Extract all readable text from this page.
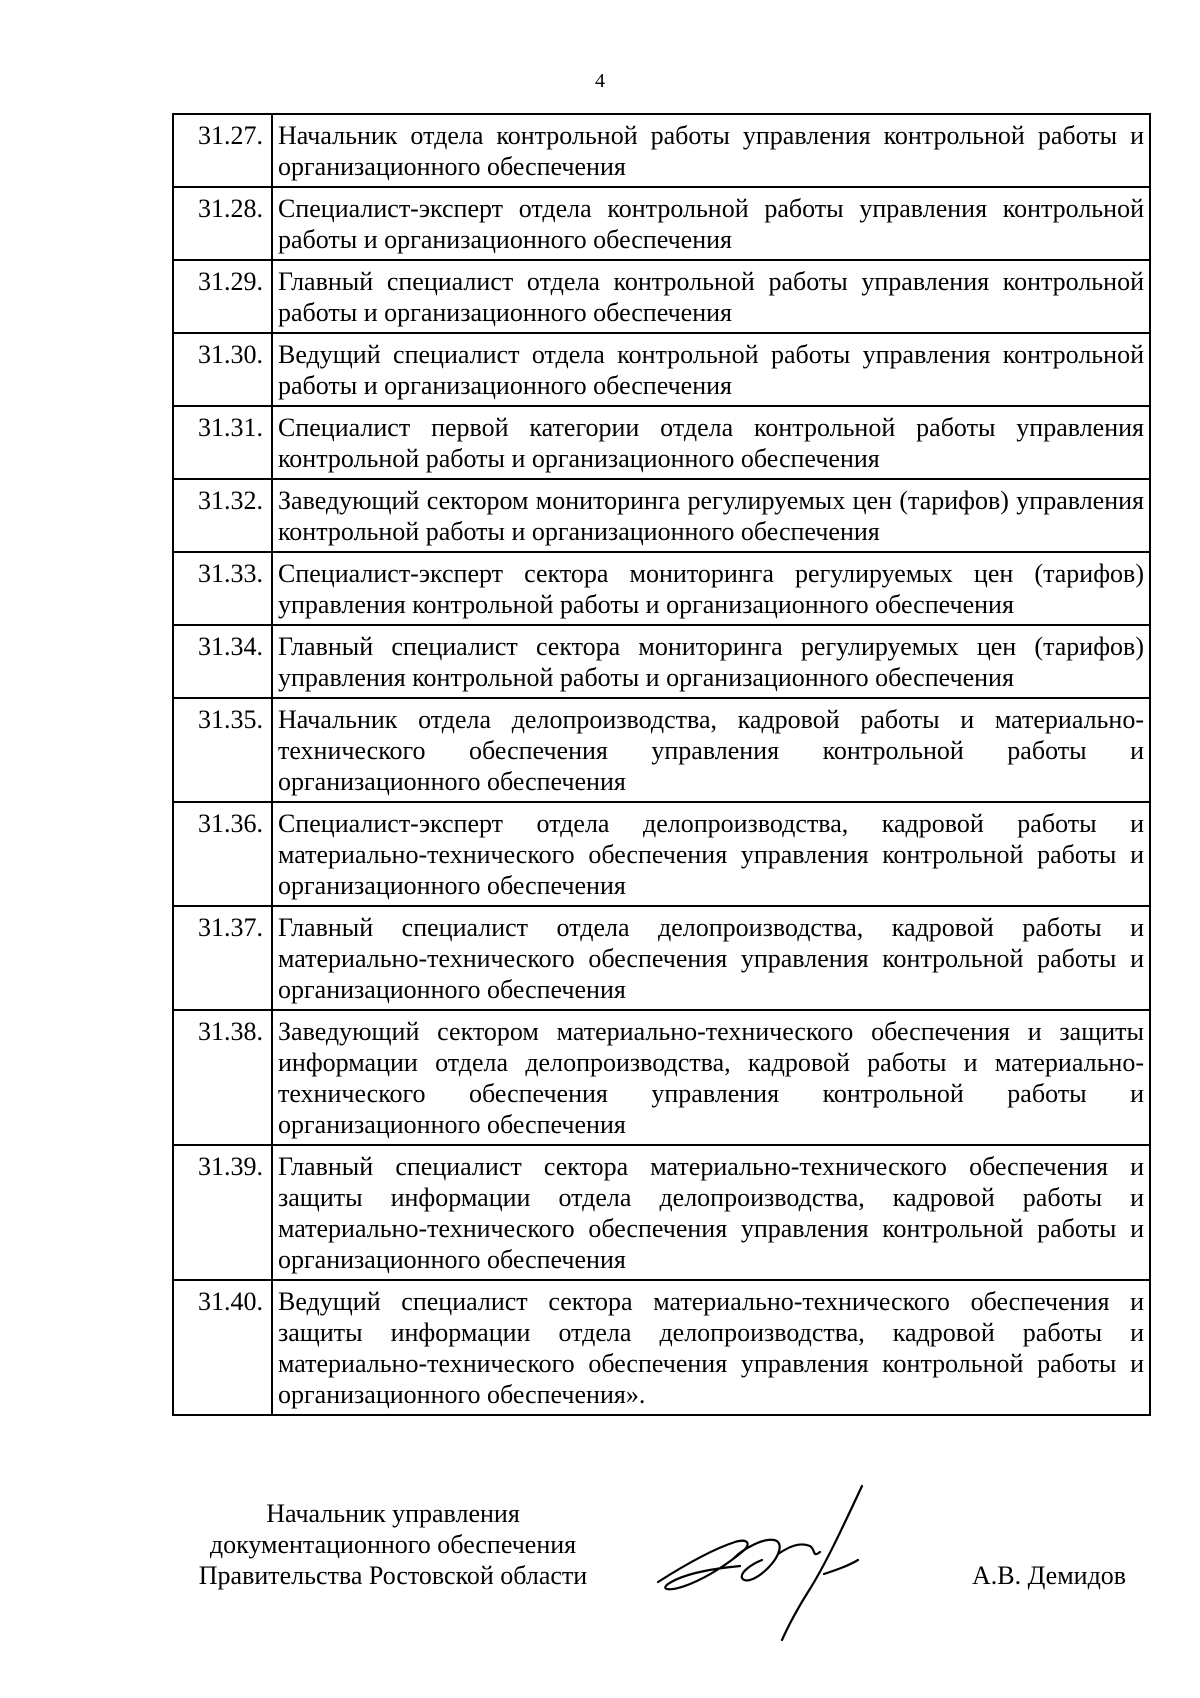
4
31.27.	Начальник отдела контрольной работы управления контрольной работы и организационного обеспечения
31.28.	Специалист-эксперт отдела контрольной работы управления контрольной работы и организационного обеспечения
31.29.	Главный специалист отдела контрольной работы управления контрольной работы и организационного обеспечения
31.30.	Ведущий специалист отдела контрольной работы управления контрольной работы и организационного обеспечения
31.31.	Специалист первой категории отдела контрольной работы управления контрольной работы и организационного обеспечения
31.32.	Заведующий сектором мониторинга регулируемых цен (тарифов) управления контрольной работы и организационного обеспечения
31.33.	Специалист-эксперт сектора мониторинга регулируемых цен (тарифов) управления контрольной работы и организационного обеспечения
31.34.	Главный специалист сектора мониторинга регулируемых цен (тарифов) управления контрольной работы и организационного обеспечения
31.35.	Начальник отдела делопроизводства, кадровой работы и материально-технического обеспечения управления контрольной работы и организационного обеспечения
31.36.	Специалист-эксперт отдела делопроизводства, кадровой работы и материально-технического обеспечения управления контрольной работы и организационного обеспечения
31.37.	Главный специалист отдела делопроизводства, кадровой работы и материально-технического обеспечения управления контрольной работы и организационного обеспечения
31.38.	Заведующий сектором материально-технического обеспечения и защиты информации отдела делопроизводства, кадровой работы и материально-технического обеспечения управления контрольной работы и организационного обеспечения
31.39.	Главный специалист сектора материально-технического обеспечения и защиты информации отдела делопроизводства, кадровой работы и материально-технического обеспечения управления контрольной работы и организационного обеспечения
31.40.	Ведущий специалист сектора материально-технического обеспечения и защиты информации отдела делопроизводства, кадровой работы и материально-технического обеспечения управления контрольной работы и организационного обеспечения».
Начальник управления
документационного обеспечения
Правительства Ростовской области	А.В. Демидов
